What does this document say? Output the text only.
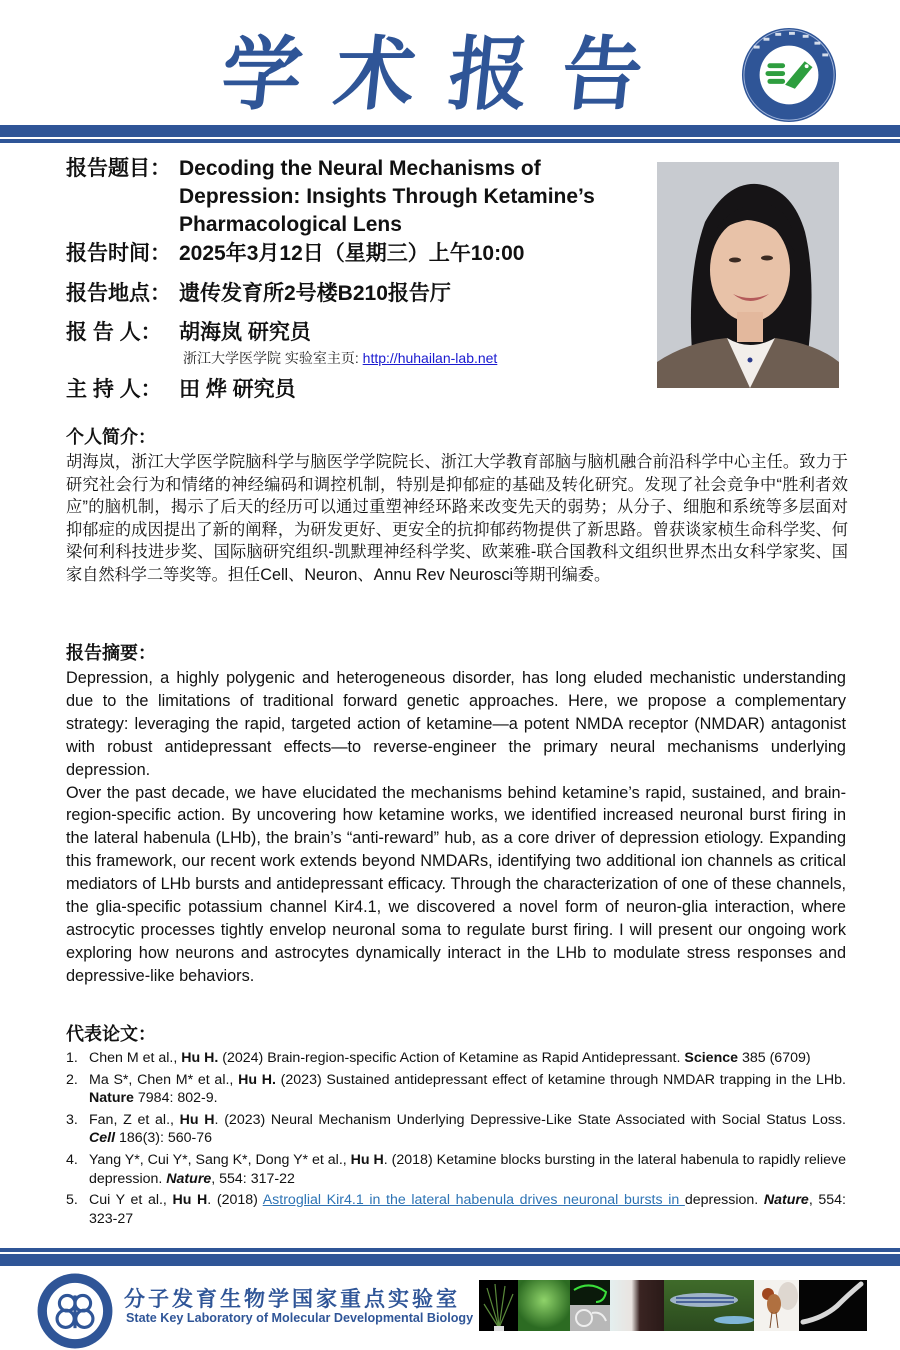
学 术 报 告
报告题目： Decoding the Neural Mechanisms of Depression: Insights Through Ketamine’s Pharmacological Lens
报告时间： 2025年3月12日（星期三）上午10:00
报告地点： 遗传发育所2号楼B210报告厅
报 告 人： 胡海岚 研究员
浙江大学医学院 实验室主页: http://huhailan-lab.net
主 持 人： 田 烨 研究员
个人简介：
胡海岚，浙江大学医学院脑科学与脑医学学院院长、浙江大学教育部脑与脑机融合前沿科学中心主任。致力于研究社会行为和情绪的神经编码和调控机制，特别是抑郁症的基础及转化研究。发现了社会竞争中“胜利者效应”的脑机制，揭示了后天的经历可以通过重塑神经环路来改变先天的弱势；从分子、细胞和系统等多层面对抑郁症的成因提出了新的阐释，为研发更好、更安全的抗抑郁药物提供了新思路。曾获谈家桢生命科学奖、何梁何利科技进步奖、国际脑研究组织-凯默理神经科学奖、欧莱雅-联合国教科文组织世界杰出女科学家奖、国家自然科学二等奖等。担任Cell、Neuron、Annu Rev Neurosci等期刊编委。
报告摘要：

Depression, a highly polygenic and heterogeneous disorder, has long eluded mechanistic understanding due to the limitations of traditional forward genetic approaches. Here, we propose a complementary strategy: leveraging the rapid, targeted action of ketamine—a potent NMDA receptor (NMDAR) antagonist with robust antidepressant effects—to reverse-engineer the primary neural mechanisms underlying depression.

Over the past decade, we have elucidated the mechanisms behind ketamine’s rapid, sustained, and brain-region-specific action. By uncovering how ketamine works, we identified increased neuronal burst firing in the lateral habenula (LHb), the brain’s “anti-reward” hub, as a core driver of depression etiology. Expanding this framework, our recent work extends beyond NMDARs, identifying two additional ion channels as critical mediators of LHb bursts and antidepressant efficacy. Through the characterization of one of these channels, the glia-specific potassium channel Kir4.1, we discovered a novel form of neuron-glia interaction, where astrocytic processes tightly envelop neuronal soma to regulate burst firing. I will present our ongoing work exploring how neurons and astrocytes dynamically interact in the LHb to modulate stress responses and depressive-like behaviors.

代表论文：
1. Chen M et al., Hu H. (2024) Brain-region-specific Action of Ketamine as Rapid Antidepressant. Science 385 (6709)
2. Ma S*, Chen M* et al., Hu H. (2023) Sustained antidepressant effect of ketamine through NMDAR trapping in the LHb. Nature 7984: 802-9.
3. Fan, Z et al., Hu H. (2023) Neural Mechanism Underlying Depressive-Like State Associated with Social Status Loss. Cell 186(3): 560-76
4. Yang Y*, Cui Y*, Sang K*, Dong Y* et al., Hu H. (2018) Ketamine blocks bursting in the lateral habenula to rapidly relieve depression. Nature, 554: 317-22
5. Cui Y et al., Hu H. (2018) Astroglial Kir4.1 in the lateral habenula drives neuronal bursts in depression. Nature, 554: 323-27
分子发育生物学国家重点实验室
State Key Laboratory of Molecular Developmental Biology
